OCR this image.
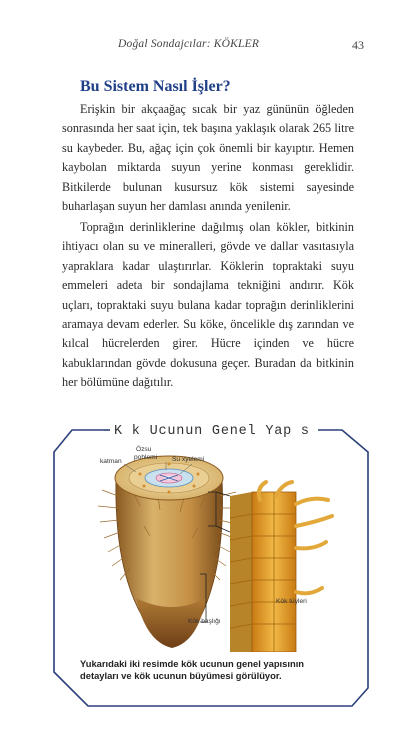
Doğal Sondajcılar: KÖKLER	43
Bu Sistem Nasıl İşler?

Erişkin bir akçaağaç sıcak bir yaz gününün öğleden sonrasında her saat için, tek başına yaklaşık olarak 265 litre su kaybeder. Bu, ağaç için çok önemli bir kayıptır. Hemen kaybolan miktarda suyun yerine konması gereklidir. Bitkilerde bulunan kusursuz kök sistemi sayesinde buharlaşan suyun her damlası anında yenilenir.

Toprağın derinliklerine dağılmış olan kökler, bitkinin ihtiyacı olan su ve mineralleri, gövde ve dallar vasıtasıyla yapraklara kadar ulaştırırlar. Köklerin topraktaki suyu emmeleri adeta bir sondajlama tekniğini andırır. Kök uçları, topraktaki suyu bulana kadar toprağın derinliklerini aramaya devam ederler. Su köke, öncelikle dış zarından ve kılcal hücrelerden girer. Hücre içinden ve hücre kabuklarından gövde dokusuna geçer. Buradan da bitkinin her bölümüne dağıtılır.

K k Ucunun Genel Yap s
katman
Özsu
pohlemi Su xyelemi
Kök tüyleri
Kök başlığı
Yukarıdaki iki resimde kök ucunun genel yapısının detayları ve kök ucunun büyümesi görülüyor.
